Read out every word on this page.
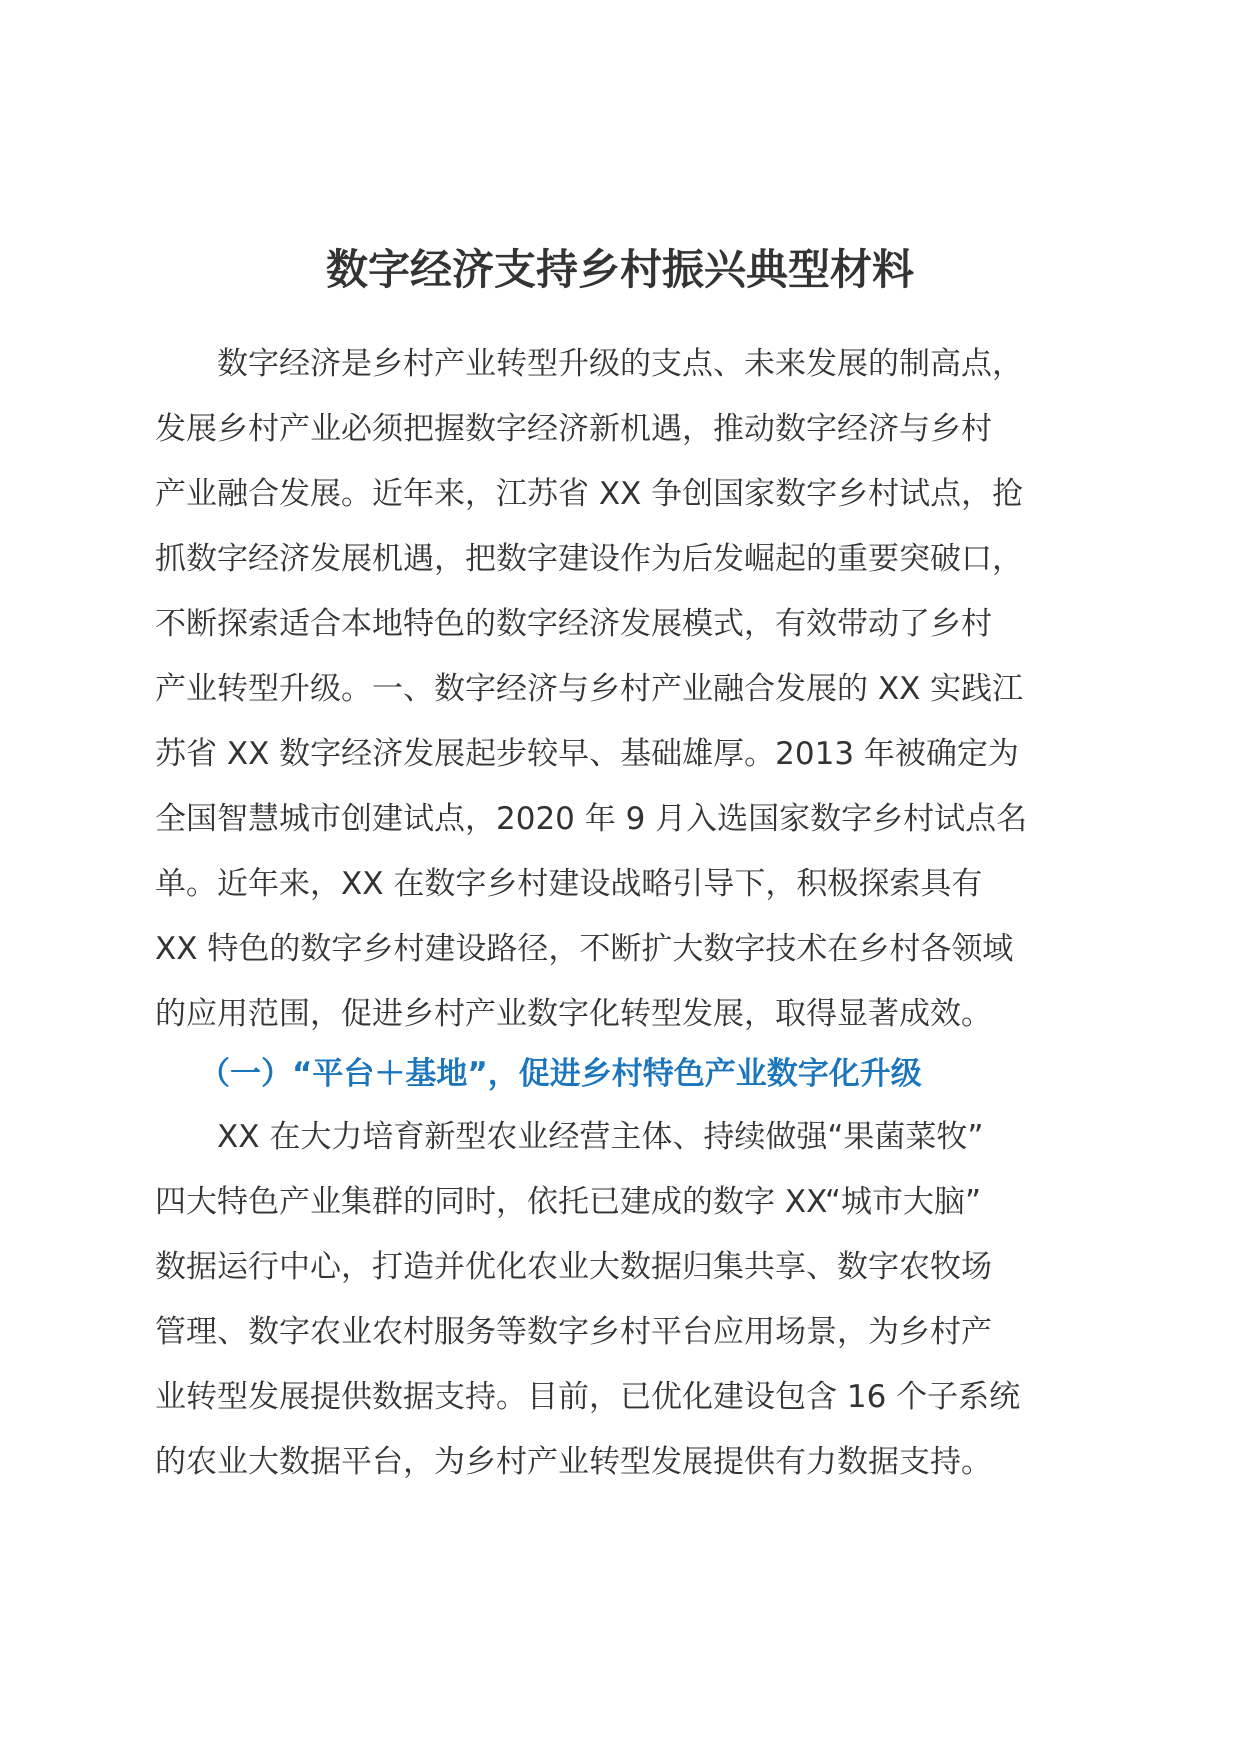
数字经济支持乡村振兴典型材料
数字经济是乡村产业转型升级的支点、未来发展的制高点，
发展乡村产业必须把握数字经济新机遇，推动数字经济与乡村
产业融合发展。近年来，江苏省 XX 争创国家数字乡村试点，抢
抓数字经济发展机遇，把数字建设作为后发崛起的重要突破口，
不断探索适合本地特色的数字经济发展模式，有效带动了乡村
产业转型升级。一、数字经济与乡村产业融合发展的 XX 实践江
苏省 XX 数字经济发展起步较早、基础雄厚。2013 年被确定为
全国智慧城市创建试点，2020 年 9 月入选国家数字乡村试点名
单。近年来，XX 在数字乡村建设战略引导下，积极探索具有
XX 特色的数字乡村建设路径，不断扩大数字技术在乡村各领域
的应用范围，促进乡村产业数字化转型发展，取得显著成效。
（一）“平台＋基地”，促进乡村特色产业数字化升级
XX 在大力培育新型农业经营主体、持续做强“果菌菜牧”
四大特色产业集群的同时，依托已建成的数字 XX“城市大脑”
数据运行中心，打造并优化农业大数据归集共享、数字农牧场
管理、数字农业农村服务等数字乡村平台应用场景，为乡村产
业转型发展提供数据支持。目前，已优化建设包含 16 个子系统
的农业大数据平台，为乡村产业转型发展提供有力数据支持。
